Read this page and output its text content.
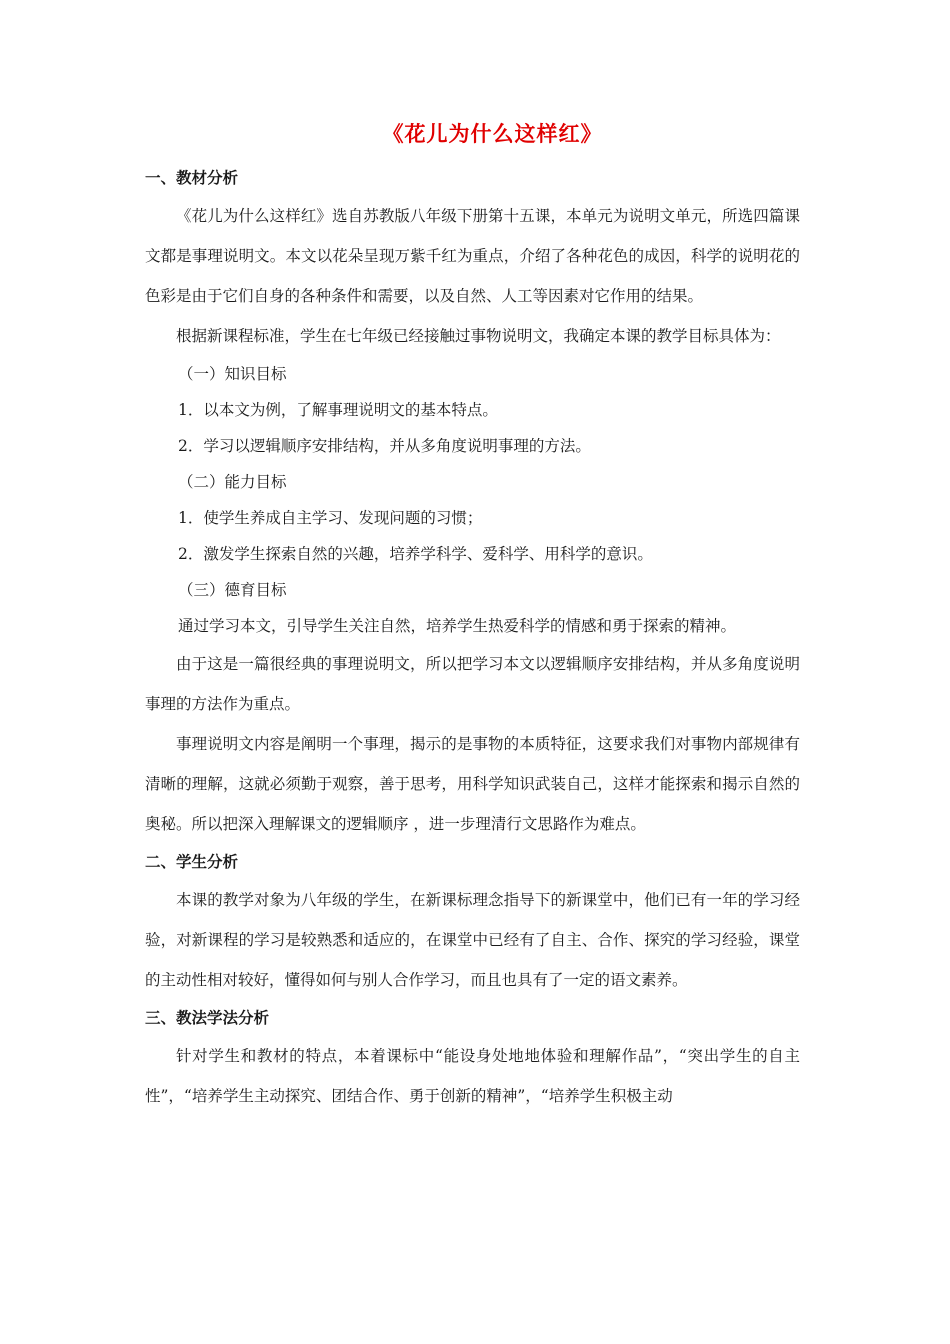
《花儿为什么这样红》
一、教材分析

《花儿为什么这样红》选自苏教版八年级下册第十五课，本单元为说明文单元，所选四篇课文都是事理说明文。本文以花朵呈现万紫千红为重点，介绍了各种花色的成因，科学的说明花的色彩是由于它们自身的各种条件和需要，以及自然、人工等因素对它作用的结果。

根据新课程标准，学生在七年级已经接触过事物说明文，我确定本课的教学目标具体为：

（一）知识目标

1．以本文为例，了解事理说明文的基本特点。

2．学习以逻辑顺序安排结构，并从多角度说明事理的方法。

（二）能力目标

1．使学生养成自主学习、发现问题的习惯；

2．激发学生探索自然的兴趣，培养学科学、爱科学、用科学的意识。

（三）德育目标

通过学习本文，引导学生关注自然，培养学生热爱科学的情感和勇于探索的精神。

由于这是一篇很经典的事理说明文，所以把学习本文以逻辑顺序安排结构，并从多角度说明事理的方法作为重点。

事理说明文内容是阐明一个事理，揭示的是事物的本质特征，这要求我们对事物内部规律有清晰的理解，这就必须勤于观察，善于思考，用科学知识武装自己，这样才能探索和揭示自然的奥秘。所以把深入理解课文的逻辑顺序 ，进一步理清行文思路作为难点。

二、学生分析

本课的教学对象为八年级的学生，在新课标理念指导下的新课堂中，他们已有一年的学习经验，对新课程的学习是较熟悉和适应的，在课堂中已经有了自主、合作、探究的学习经验，课堂的主动性相对较好，懂得如何与别人合作学习，而且也具有了一定的语文素养。

三、教法学法分析

针对学生和教材的特点，本着课标中“能设身处地地体验和理解作品”，“突出学生的自主性”，“培养学生主动探究、团结合作、勇于创新的精神”，“培养学生积极主动
